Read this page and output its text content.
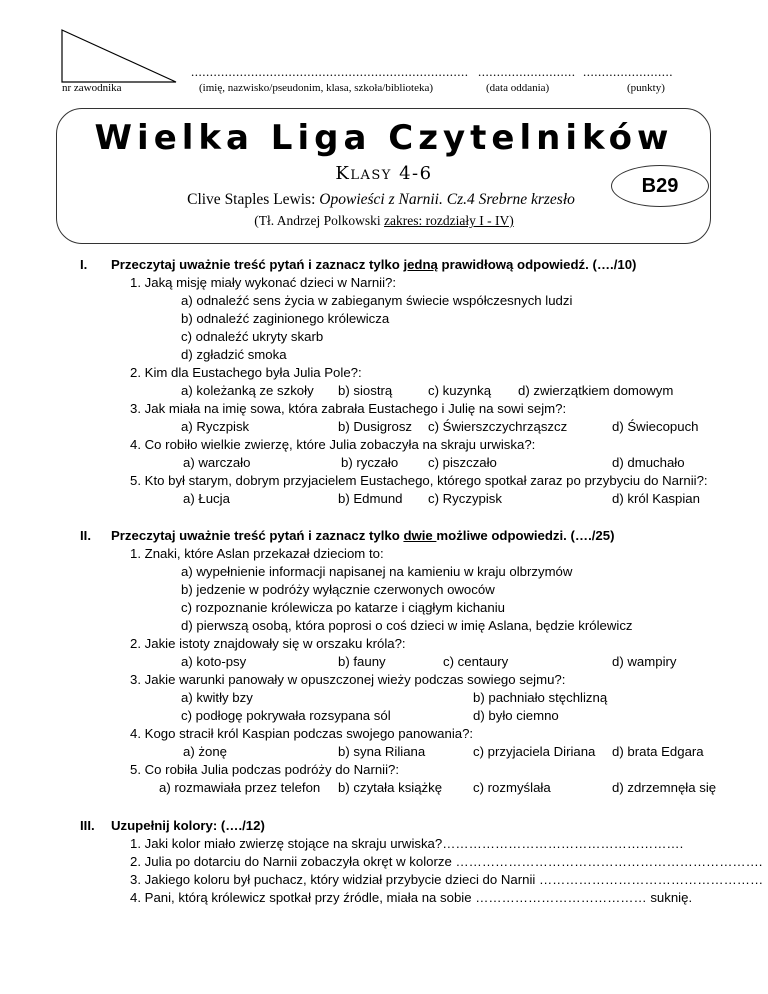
nr zawodnika
..........................................................................
(imię, nazwisko/pseudonim, klasa, szkoła/biblioteka)
..........................
(data oddania)
........................
(punkty)
Wielka Liga Czytelników
Klasy 4-6
Clive Staples Lewis: Opowieści z Narnii. Cz.4 Srebrne krzesło
(Tł. Andrzej Polkowski zakres: rozdziały I - IV)
B29
I. Przeczytaj uważnie treść pytań i zaznacz tylko jedną prawidłową odpowiedź. (…./10)
1. Jaką misję miały wykonać dzieci w Narnii?:
a) odnaleźć sens życia w zabieganym świecie współczesnych ludzi
b) odnaleźć zaginionego królewicza
c) odnaleźć ukryty skarb
d) zgładzić smoka
2. Kim dla Eustachego była Julia Pole?:
a) koleżanką ze szkoły b) siostrą	c) kuzynką d) zwierzątkiem domowym
3. Jak miała na imię sowa, która zabrała Eustachego i Julię na sowi sejm?:
a) Ryczpisk	b) Dusigrosz c) Świerszczychrząszcz	d) Świecopuch
4. Co robiło wielkie zwierzę, które Julia zobaczyła na skraju urwiska?:
a) warczało	b) ryczało c) piszczało	d) dmuchało
5. Kto był starym, dobrym przyjacielem Eustachego, którego spotkał zaraz po przybyciu do Narnii?:
a) Łucja	b) Edmund c) Ryczypisk	d) król Kaspian
II. Przeczytaj uważnie treść pytań i zaznacz tylko dwie możliwe odpowiedzi. (…./25)
1. Znaki, które Aslan przekazał dzieciom to:
a) wypełnienie informacji napisanej na kamieniu w kraju olbrzymów
b) jedzenie w podróży wyłącznie czerwonych owoców
c) rozpoznanie królewicza po katarze i ciągłym kichaniu
d) pierwszą osobą, która poprosi o coś dzieci w imię Aslana, będzie królewicz
2. Jakie istoty znajdowały się w orszaku króla?:
a) koto-psy	b) fauny	c) centaury	d) wampiry
3. Jakie warunki panowały w opuszczonej wieży podczas sowiego sejmu?:
a) kwitły bzy	b) pachniało stęchlizną
c) podłogę pokrywała rozsypana sól	d) było ciemno
4. Kogo stracił król Kaspian podczas swojego panowania?:
a) żonę	b) syna Riliana	c) przyjaciela Diriana d) brata Edgara
5. Co robiła Julia podczas podróży do Narnii?:
a) rozmawiała przez telefon b) czytała książkę c) rozmyślała	d) zdrzemnęła się
III. Uzupełnij kolory: (…./12)
1. Jaki kolor miało zwierzę stojące na skraju urwiska?……………………………………………….
2. Julia po dotarciu do Narnii zobaczyła okręt w kolorze …………………………………………………………….
3. Jakiego koloru był puchacz, który widział przybycie dzieci do Narnii ……………………………………………
4. Pani, którą królewicz spotkał przy źródle, miała na sobie ………………………………… suknię.
